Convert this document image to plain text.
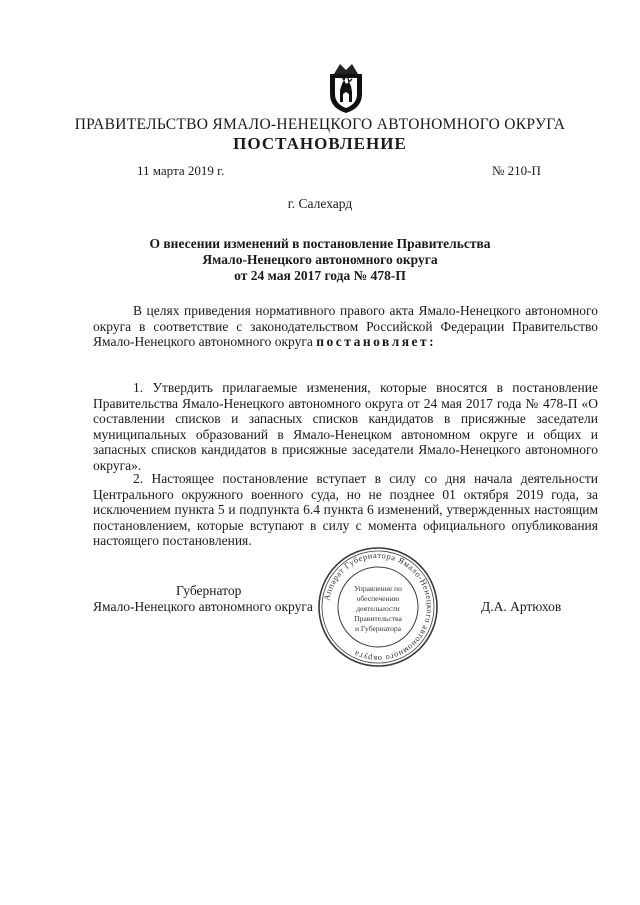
ПРАВИТЕЛЬСТВО ЯМАЛО-НЕНЕЦКОГО АВТОНОМНОГО ОКРУГА
ПОСТАНОВЛЕНИЕ
11 марта 2019 г.	№ 210-П
г. Салехард
О внесении изменений в постановление Правительства
Ямало-Ненецкого автономного округа
от 24 мая 2017 года № 478-П
В целях приведения нормативного правого акта Ямало-Ненецкого автономного округа в соответствие с законодательством Российской Федерации Правительство Ямало-Ненецкого автономного округа постановляет:
1. Утвердить прилагаемые изменения, которые вносятся в постановление Правительства Ямало-Ненецкого автономного округа от 24 мая 2017 года № 478-П «О составлении списков и запасных списков кандидатов в присяжные заседатели муниципальных образований в Ямало-Ненецком автономном округе и общих и запасных списков кандидатов в присяжные заседатели Ямало-Ненецкого автономного округа».
2. Настоящее постановление вступает в силу со дня начала деятельности Центрального окружного военного суда, но не позднее 01 октября 2019 года, за исключением пункта 5 и подпункта 6.4 пункта 6 изменений, утвержденных настоящим постановлением, которые вступают в силу с момента официального опубликования настоящего постановления.
Аппарат Губернатора Ямало-Ненецкого автономного округа
Управление по
обеспечению
деятельности
Правительства
и Губернатора
Губернатор
Ямало-Ненецкого автономного округа	Д.А. Артюхов
